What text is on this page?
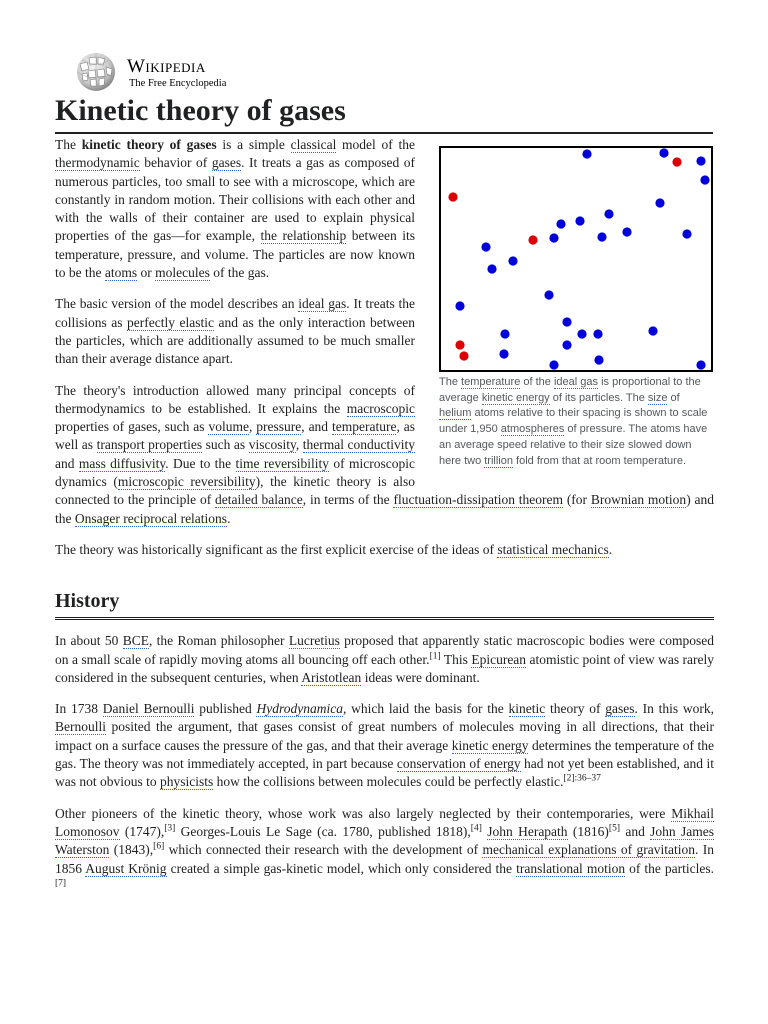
Wikipedia
The Free Encyclopedia
Kinetic theory of gases
The temperature of the ideal gas is proportional to the average kinetic energy of its particles. The size of helium atoms relative to their spacing is shown to scale under 1,950 atmospheres of pressure. The atoms have an average speed relative to their size slowed down here two trillion fold from that at room temperature.

The kinetic theory of gases is a simple classical model of the thermodynamic behavior of gases. It treats a gas as composed of numerous particles, too small to see with a microscope, which are constantly in random motion. Their collisions with each other and with the walls of their container are used to explain physical properties of the gas—for example, the relationship between its temperature, pressure, and volume. The particles are now known to be the atoms or molecules of the gas.

The basic version of the model describes an ideal gas. It treats the collisions as perfectly elastic and as the only interaction between the particles, which are additionally assumed to be much smaller than their average distance apart.

The theory's introduction allowed many principal concepts of thermodynamics to be established. It explains the macroscopic properties of gases, such as volume, pressure, and temperature, as well as transport properties such as viscosity, thermal conductivity and mass diffusivity. Due to the time reversibility of microscopic dynamics (microscopic reversibility), the kinetic theory is also connected to the principle of detailed balance, in terms of the fluctuation-dissipation theorem (for Brownian motion) and the Onsager reciprocal relations.

The theory was historically significant as the first explicit exercise of the ideas of statistical mechanics.

History

In about 50 BCE, the Roman philosopher Lucretius proposed that apparently static macroscopic bodies were composed on a small scale of rapidly moving atoms all bouncing off each other.[1] This Epicurean atomistic point of view was rarely considered in the subsequent centuries, when Aristotlean ideas were dominant.

In 1738 Daniel Bernoulli published Hydrodynamica, which laid the basis for the kinetic theory of gases. In this work, Bernoulli posited the argument, that gases consist of great numbers of molecules moving in all directions, that their impact on a surface causes the pressure of the gas, and that their average kinetic energy determines the temperature of the gas. The theory was not immediately accepted, in part because conservation of energy had not yet been established, and it was not obvious to physicists how the collisions between molecules could be perfectly elastic.$^{[2]:36-37}$

Other pioneers of the kinetic theory, whose work was also largely neglected by their contemporaries, were Mikhail Lomonosov (1747),[3] Georges-Louis Le Sage (ca. 1780, published 1818),[4] John Herapath (1816)[5] and John James Waterston (1843),[6] which connected their research with the development of mechanical explanations of gravitation. In 1856 August Krönig created a simple gas-kinetic model, which only considered the translational motion of the particles.[7]
